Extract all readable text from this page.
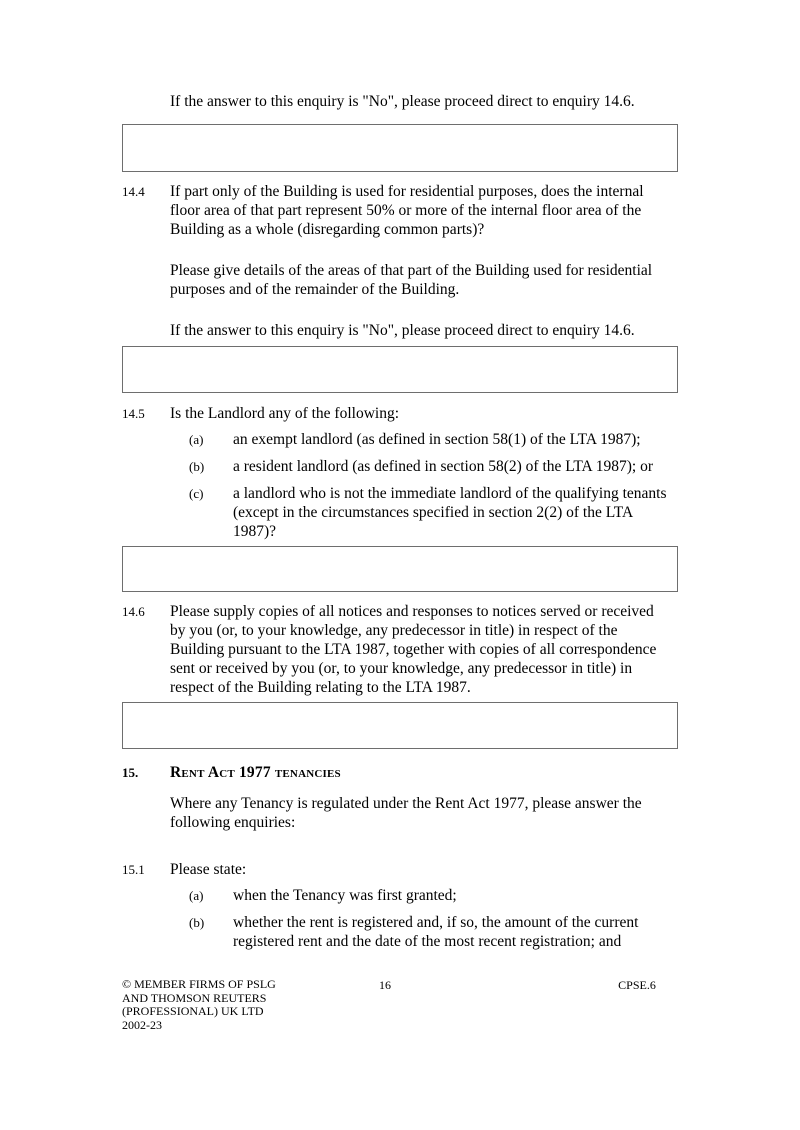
If the answer to this enquiry is "No", please proceed direct to enquiry 14.6.
14.4	If part only of the Building is used for residential purposes, does the internal
floor area of that part represent 50% or more of the internal floor area of the
Building as a whole (disregarding common parts)?

Please give details of the areas of that part of the Building used for residential
purposes and of the remainder of the Building.

If the answer to this enquiry is "No", please proceed direct to enquiry 14.6.

14.5	Is the Landlord any of the following:

(a)	an exempt landlord (as defined in section 58(1) of the LTA 1987);
(b)	a resident landlord (as defined in section 58(2) of the LTA 1987); or
(c)	a landlord who is not the immediate landlord of the qualifying tenants
(except in the circumstances specified in section 2(2) of the LTA
1987)?
14.6	Please supply copies of all notices and responses to notices served or received
by you (or, to your knowledge, any predecessor in title) in respect of the
Building pursuant to the LTA 1987, together with copies of all correspondence
sent or received by you (or, to your knowledge, any predecessor in title) in
respect of the Building relating to the LTA 1987.

15.	Rent Act 1977 tenancies
Where any Tenancy is regulated under the Rent Act 1977, please answer the
following enquiries:
15.1	Please state:

(a)	when the Tenancy was first granted;
(b)	whether the rent is registered and, if so, the amount of the current
registered rent and the date of the most recent registration; and
© MEMBER FIRMS OF PSLG
AND THOMSON REUTERS
(PROFESSIONAL) UK LTD
2002-23
16	CPSE.6
